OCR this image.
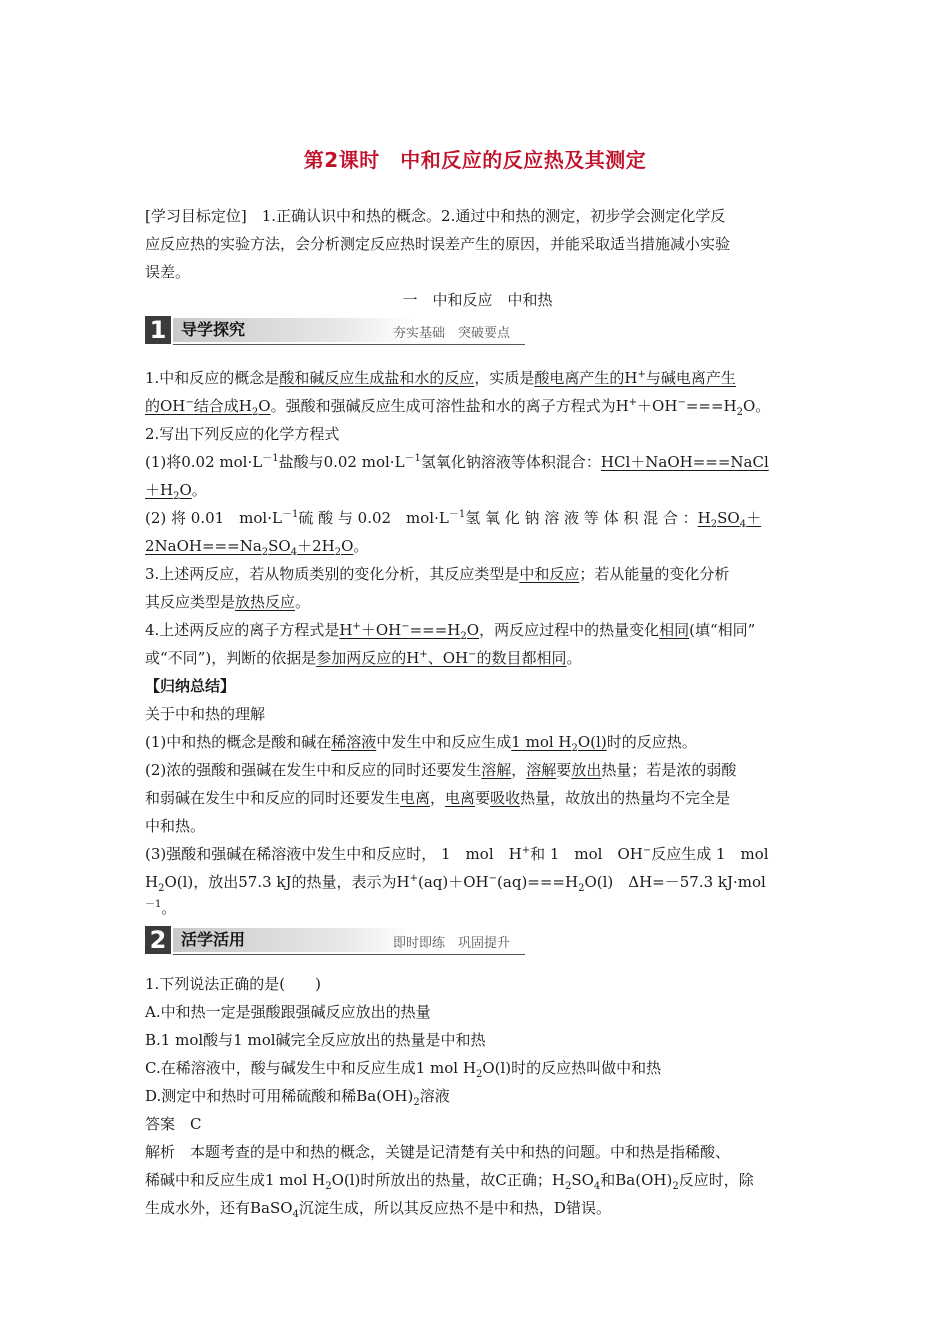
第2课时　中和反应的反应热及其测定
[学习目标定位]　 1.正确认识中和热的概念。2.通过中和热的测定，初步学会测定化学反
应反应热的实验方法，会分析测定反应热时误差产生的原因，并能采取适当措施减小实验
误差。
一　中和反应　中和热
1 导学探究	夯实基础　突破要点
1.中和反应的概念是酸和碱反应生成盐和水的反应，实质是酸电离产生的H+与碱电离产生
的OH−结合成$H_2O$。强酸和强碱反应生成可溶性盐和水的离子方程式为$H^++OH^-===H_2O$。
2.写出下列反应的化学方程式
(1)将0.02 $mol\cdot L^{-1}$盐酸与0.02 $mol\cdot L^{-1}$氢氧化钠溶液等体积混合：HCl＋NaOH===NaCl
$+H_2O$。
(2) 将 0.01　$mol\cdot L^{-1}$硫 酸 与 0.02　$mol\cdot L^{-1}$氢 氧 化 钠 溶 液 等 体 积 混 合 ：$H_2SO_4+$
$2NaOH===Na_2SO_4+2H_2O$。
3.上述两反应，若从物质类别的变化分析，其反应类型是中和反应；若从能量的变化分析
其反应类型是放热反应。
4.上述两反应的离子方程式是$H^++OH^-===H_2O$，两反应过程中的热量变化相同(填“相同”
或“不同”)，判断的依据是参加两反应的H+、OH−的数目都相同。
【归纳总结】
关于中和热的理解
(1)中和热的概念是酸和碱在稀溶液中发生中和反应生成1 mol $H_2O(l)$时的反应热。
(2)浓的强酸和强碱在发生中和反应的同时还要发生溶解，溶解要放出热量；若是浓的弱酸
和弱碱在发生中和反应的同时还要发生电离，电离要吸收热量，故放出的热量均不完全是
中和热。
(3)强酸和强碱在稀溶液中发生中和反应时， 1　mol　H+和 1　mol　OH−反应生成 1　mol
$H_2O(l)$，放出57.3 kJ的热量，表示为$H^+(aq)+OH^-(aq)===H_2O(l)$　ΔH=－57.3 kJ·mol
$^{-1}$。
2 活学活用	即时即练　巩固提升
1.下列说法正确的是(　　)
A.中和热一定是强酸跟强碱反应放出的热量
B.1 mol酸与1 mol碱完全反应放出的热量是中和热
C.在稀溶液中，酸与碱发生中和反应生成1 mol $H_2O(l)$时的反应热叫做中和热
D.测定中和热时可用稀硫酸和稀$Ba(OH)_2$溶液
答案　C
解析　本题考查的是中和热的概念，关键是记清楚有关中和热的问题。中和热是指稀酸、
稀碱中和反应生成1 mol $H_2O(l)$时所放出的热量，故C正确；$H_2SO_4$和$Ba(OH)_2$反应时，除
生成水外，还有BaSO$_4$沉淀生成，所以其反应热不是中和热，D错误。
